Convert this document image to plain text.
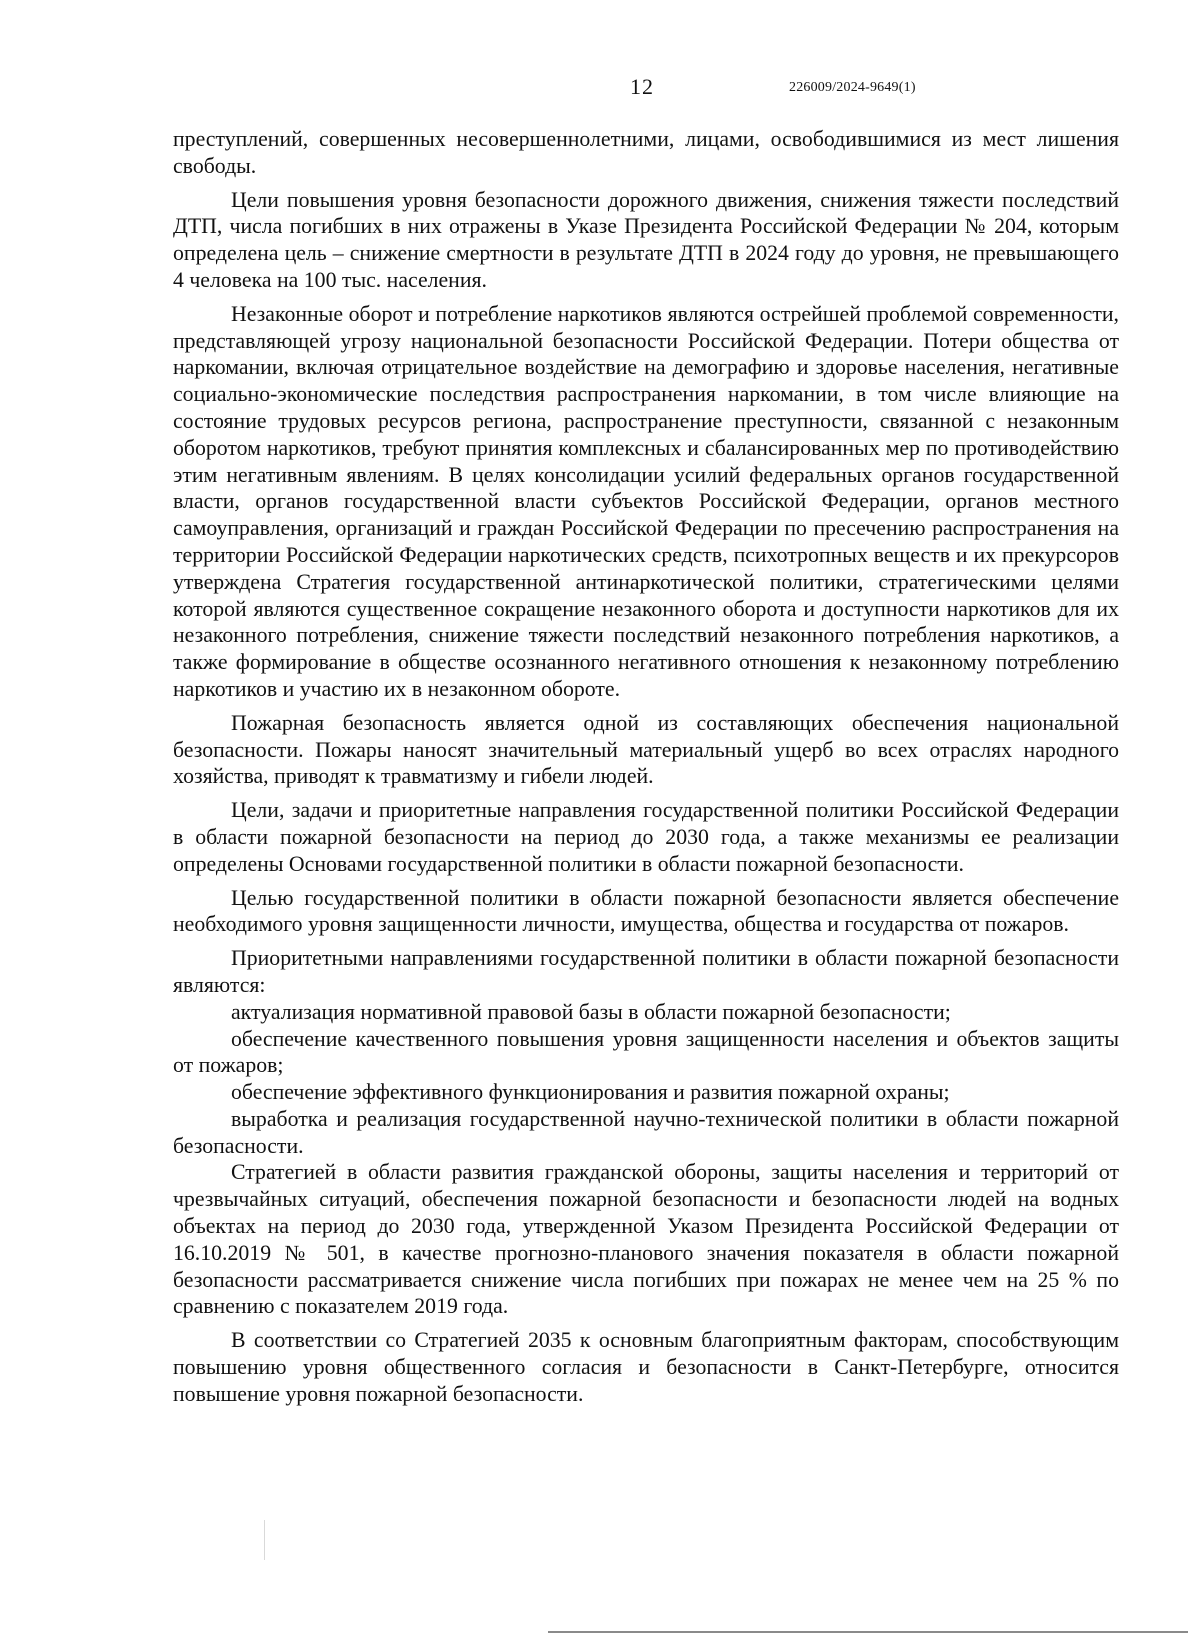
12	226009/2024-9649(1)

преступлений, совершенных несовершеннолетними, лицами, освободившимися из мест лишения свободы.

Цели повышения уровня безопасности дорожного движения, снижения тяжести последствий ДТП, числа погибших в них отражены в Указе Президента Российской Федерации № 204, которым определена цель – снижение смертности в результате ДТП в 2024 году до уровня, не превышающего 4 человека на 100 тыс. населения.

Незаконные оборот и потребление наркотиков являются острейшей проблемой современности, представляющей угрозу национальной безопасности Российской Федерации. Потери общества от наркомании, включая отрицательное воздействие на демографию и здоровье населения, негативные социально-экономические последствия распространения наркомании, в том числе влияющие на состояние трудовых ресурсов региона, распространение преступности, связанной с незаконным оборотом наркотиков, требуют принятия комплексных и сбалансированных мер по противодействию этим негативным явлениям. В целях консолидации усилий федеральных органов государственной власти, органов государственной власти субъектов Российской Федерации, органов местного самоуправления, организаций и граждан Российской Федерации по пресечению распространения на территории Российской Федерации наркотических средств, психотропных веществ и их прекурсоров утверждена Стратегия государственной антинаркотической политики, стратегическими целями которой являются существенное сокращение незаконного оборота и доступности наркотиков для их незаконного потребления, снижение тяжести последствий незаконного потребления наркотиков, а также формирование в обществе осознанного негативного отношения к незаконному потреблению наркотиков и участию их в незаконном обороте.

Пожарная безопасность является одной из составляющих обеспечения национальной безопасности. Пожары наносят значительный материальный ущерб во всех отраслях народного хозяйства, приводят к травматизму и гибели людей.

Цели, задачи и приоритетные направления государственной политики Российской Федерации в области пожарной безопасности на период до 2030 года, а также механизмы ее реализации определены Основами государственной политики в области пожарной безопасности.

Целью государственной политики в области пожарной безопасности является обеспечение необходимого уровня защищенности личности, имущества, общества и государства от пожаров.

Приоритетными направлениями государственной политики в области пожарной безопасности являются:

актуализация нормативной правовой базы в области пожарной безопасности;

обеспечение качественного повышения уровня защищенности населения и объектов защиты от пожаров;

обеспечение эффективного функционирования и развития пожарной охраны;

выработка и реализация государственной научно-технической политики в области пожарной безопасности.

Стратегией в области развития гражданской обороны, защиты населения и территорий от чрезвычайных ситуаций, обеспечения пожарной безопасности и безопасности людей на водных объектах на период до 2030 года, утвержденной Указом Президента Российской Федерации от 16.10.2019 № 501, в качестве прогнозно-планового значения показателя в области пожарной безопасности рассматривается снижение числа погибших при пожарах не менее чем на 25 % по сравнению с показателем 2019 года.

В соответствии со Стратегией 2035 к основным благоприятным факторам, способствующим повышению уровня общественного согласия и безопасности в Санкт-Петербурге, относится повышение уровня пожарной безопасности.
